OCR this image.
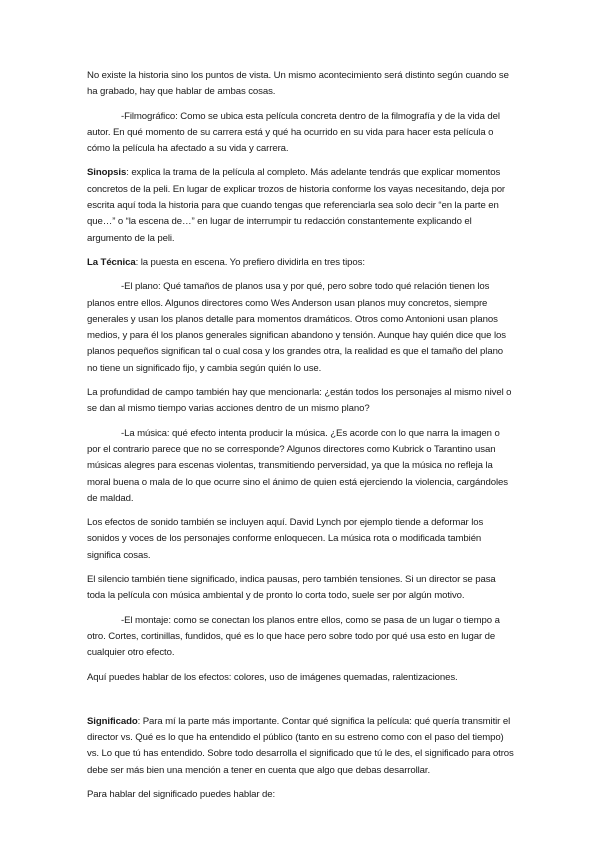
No existe la historia sino los puntos de vista. Un mismo acontecimiento será distinto según cuando se ha grabado, hay que hablar de ambas cosas.

-Filmográfico: Como se ubica esta película concreta dentro de la filmografía y de la vida del autor. En qué momento de su carrera está y qué ha ocurrido en su vida para hacer esta película o cómo la película ha afectado a su vida y carrera.

Sinopsis: explica la trama de la película al completo. Más adelante tendrás que explicar momentos concretos de la peli. En lugar de explicar trozos de historia conforme los vayas necesitando, deja por escrita aquí toda la historia para que cuando tengas que referenciarla sea solo decir “en la parte en que…” o “la escena de…” en lugar de interrumpir tu redacción constantemente explicando el argumento de la peli.

La Técnica: la puesta en escena. Yo prefiero dividirla en tres tipos:

-El plano: Qué tamaños de planos usa y por qué, pero sobre todo qué relación tienen los planos entre ellos. Algunos directores como Wes Anderson usan planos muy concretos, siempre generales y usan los planos detalle para momentos dramáticos. Otros como Antonioni usan planos medios, y para él los planos generales significan abandono y tensión. Aunque hay quién dice que los planos pequeños significan tal o cual cosa y los grandes otra, la realidad es que el tamaño del plano no tiene un significado fijo, y cambia según quién lo use.

La profundidad de campo también hay que mencionarla: ¿están todos los personajes al mismo nivel o se dan al mismo tiempo varias acciones dentro de un mismo plano?

-La música: qué efecto intenta producir la música. ¿Es acorde con lo que narra la imagen o por el contrario parece que no se corresponde? Algunos directores como Kubrick o Tarantino usan músicas alegres para escenas violentas, transmitiendo perversidad, ya que la música no refleja la moral buena o mala de lo que ocurre sino el ánimo de quien está ejerciendo la violencia, cargándoles de maldad.

Los efectos de sonido también se incluyen aquí. David Lynch por ejemplo tiende a deformar los sonidos y voces de los personajes conforme enloquecen. La música rota o modificada también significa cosas.

El silencio también tiene significado, indica pausas, pero también tensiones. Si un director se pasa toda la película con música ambiental y de pronto lo corta todo, suele ser por algún motivo.

-El montaje: como se conectan los planos entre ellos, como se pasa de un lugar o tiempo a otro. Cortes, cortinillas, fundidos, qué es lo que hace pero sobre todo por qué usa esto en lugar de cualquier otro efecto.

Aquí puedes hablar de los efectos: colores, uso de imágenes quemadas, ralentizaciones.

Significado: Para mí la parte más importante. Contar qué significa la película: qué quería transmitir el director vs. Qué es lo que ha entendido el público (tanto en su estreno como con el paso del tiempo) vs. Lo que tú has entendido. Sobre todo desarrolla el significado que tú le des, el significado para otros debe ser más bien una mención a tener en cuenta que algo que debas desarrollar.

Para hablar del significado puedes hablar de:
